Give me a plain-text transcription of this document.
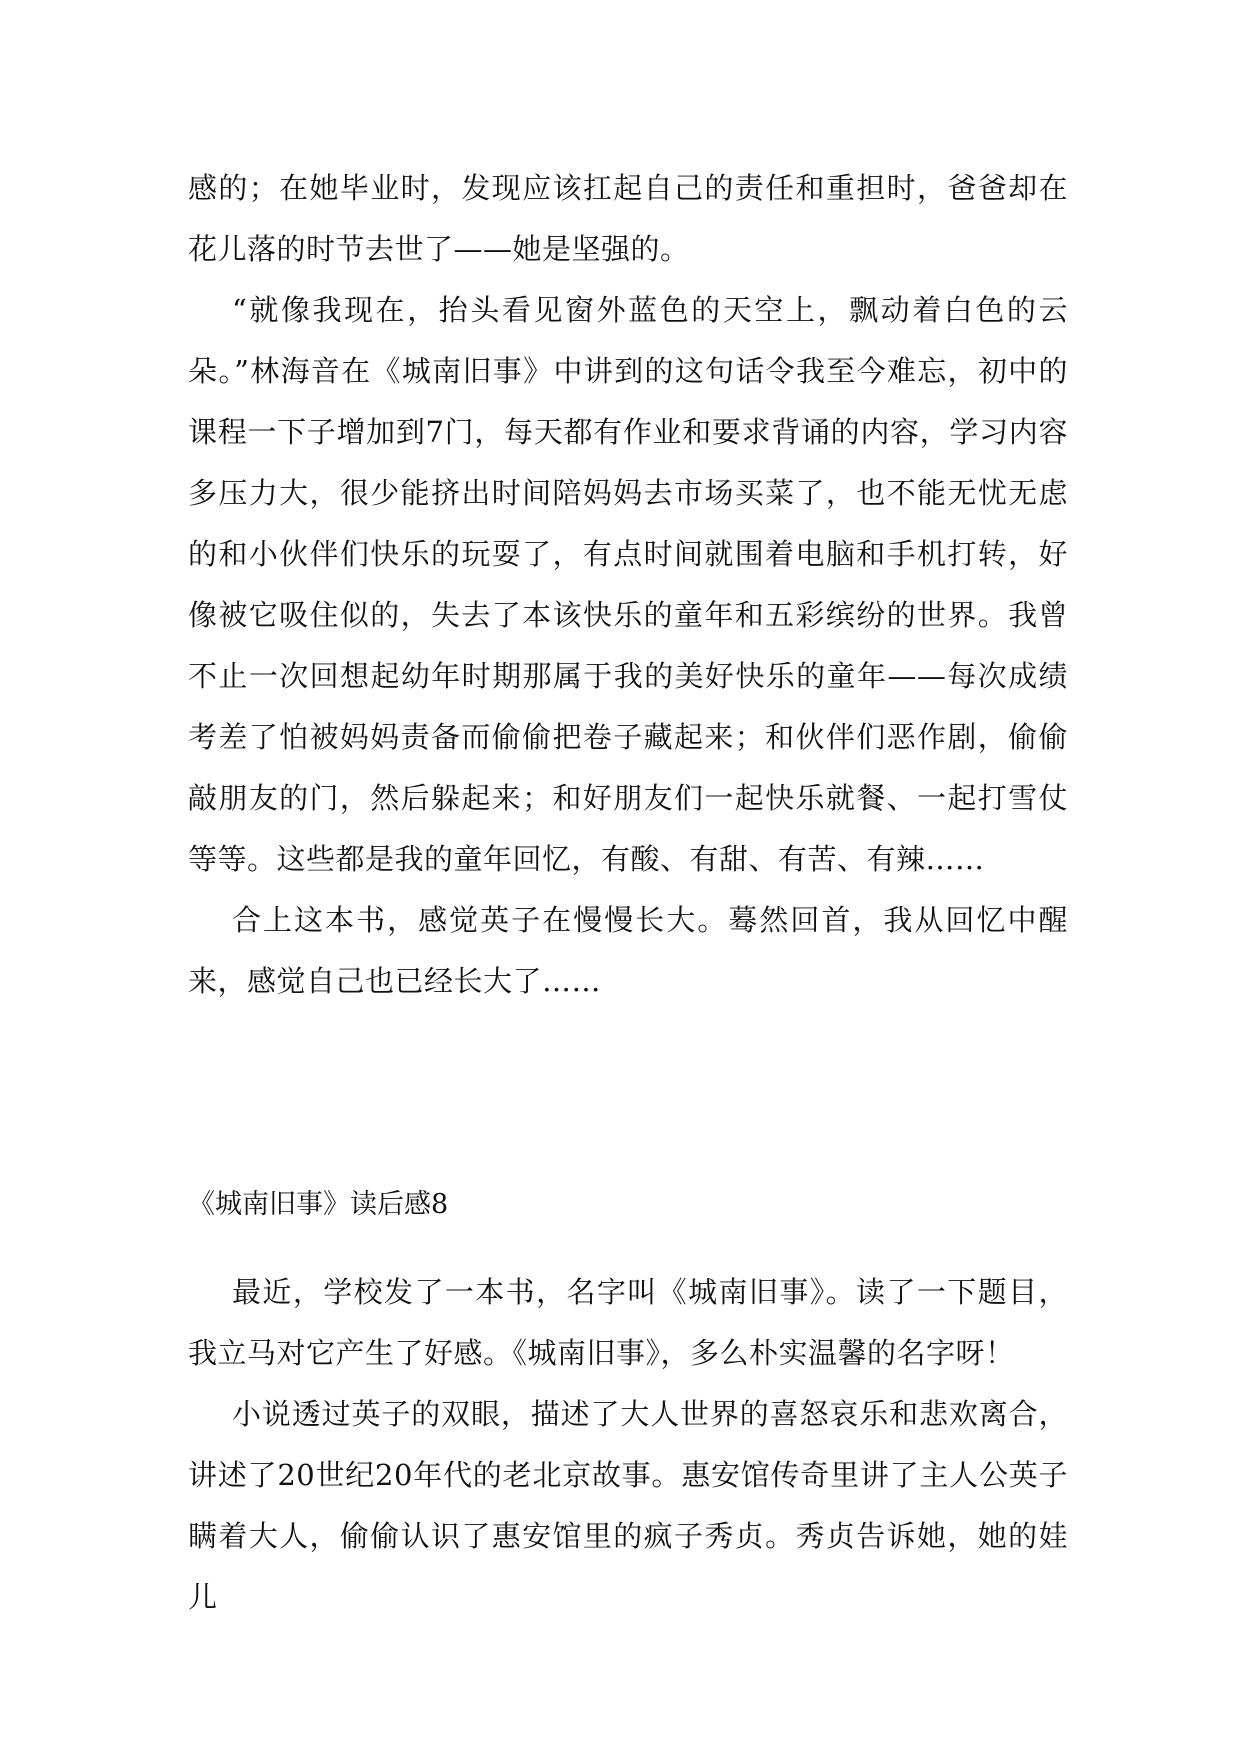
感的；在她毕业时，发现应该扛起自己的责任和重担时，爸爸却在花儿落的时节去世了——她是坚强的。

“就像我现在，抬头看见窗外蓝色的天空上，飘动着白色的云朵。”林海音在《城南旧事》中讲到的这句话令我至今难忘，初中的课程一下子增加到7门，每天都有作业和要求背诵的内容，学习内容多压力大，很少能挤出时间陪妈妈去市场买菜了，也不能无忧无虑的和小伙伴们快乐的玩耍了，有点时间就围着电脑和手机打转，好像被它吸住似的，失去了本该快乐的童年和五彩缤纷的世界。我曾不止一次回想起幼年时期那属于我的美好快乐的童年——每次成绩考差了怕被妈妈责备而偷偷把卷子藏起来；和伙伴们恶作剧，偷偷敲朋友的门，然后躲起来；和好朋友们一起快乐就餐、一起打雪仗等等。这些都是我的童年回忆，有酸、有甜、有苦、有辣……

合上这本书，感觉英子在慢慢长大。蓦然回首，我从回忆中醒来，感觉自己也已经长大了……

《城南旧事》读后感8

最近，学校发了一本书，名字叫《城南旧事》。读了一下题目，我立马对它产生了好感。《城南旧事》，多么朴实温馨的名字呀！

小说透过英子的双眼，描述了大人世界的喜怒哀乐和悲欢离合，讲述了20世纪20年代的老北京故事。惠安馆传奇里讲了主人公英子瞒着大人，偷偷认识了惠安馆里的疯子秀贞。秀贞告诉她，她的娃儿
